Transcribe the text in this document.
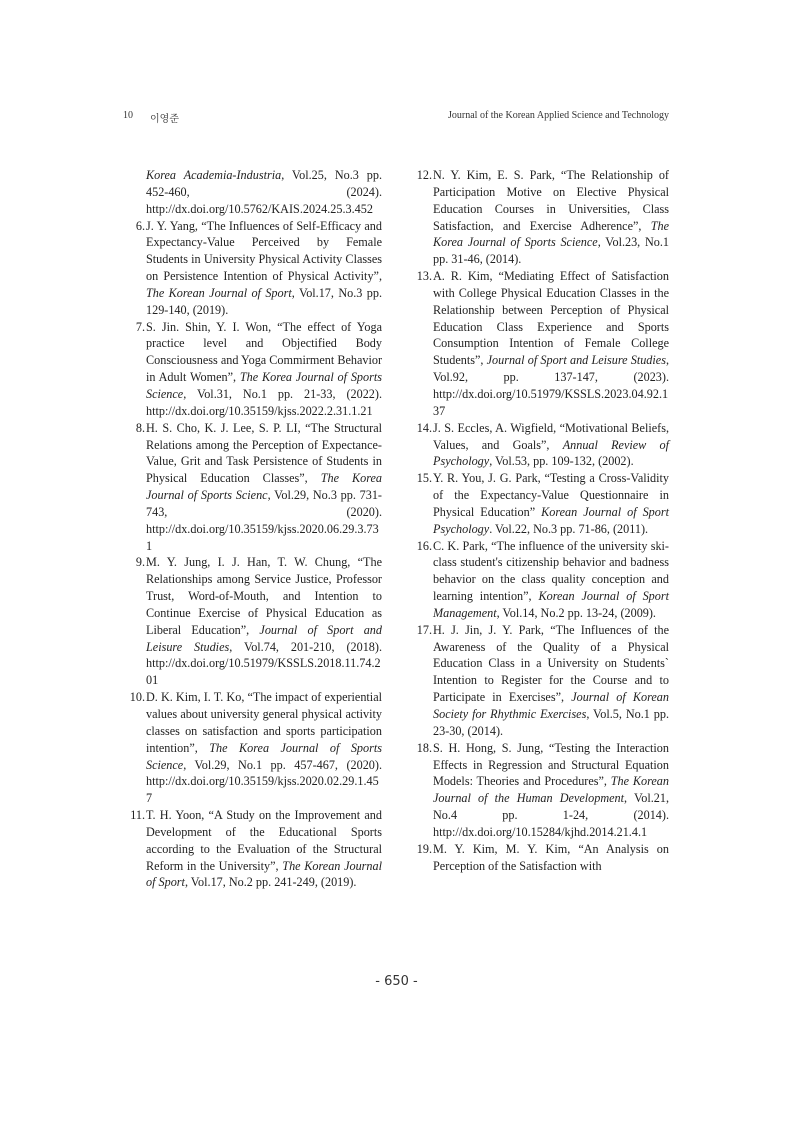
10 이영준	Journal of the Korean Applied Science and Technology
Korea Academia-Industria, Vol.25, No.3 pp. 452-460, (2024). http://dx.doi.org/10.5762/KAIS.2024.25.3.452
6. J. Y. Yang, “The Influences of Self-Efficacy and Expectancy-Value Perceived by Female Students in University Physical Activity Classes on Persistence Intention of Physical Activity”, The Korean Journal of Sport, Vol.17, No.3 pp. 129-140, (2019).
7. S. Jin. Shin, Y. I. Won, “The effect of Yoga practice level and Objectified Body Consciousness and Yoga Commirment Behavior in Adult Women”, The Korea Journal of Sports Science, Vol.31, No.1 pp. 21-33, (2022). http://dx.doi.org/10.35159/kjss.2022.2.31.1.21
8. H. S. Cho, K. J. Lee, S. P. LI, “The Structural Relations among the Perception of Expectance-Value, Grit and Task Persistence of Students in Physical Education Classes”, The Korea Journal of Sports Scienc, Vol.29, No.3 pp. 731-743, (2020). http://dx.doi.org/10.35159/kjss.2020.06.29.3.731
9. M. Y. Jung, I. J. Han, T. W. Chung, “The Relationships among Service Justice, Professor Trust, Word-of-Mouth, and Intention to Continue Exercise of Physical Education as Liberal Education”, Journal of Sport and Leisure Studies, Vol.74, 201-210, (2018). http://dx.doi.org/10.51979/KSSLS.2018.11.74.201
10. D. K. Kim, I. T. Ko, “The impact of experiential values about university general physical activity classes on satisfaction and sports participation intention”, The Korea Journal of Sports Science, Vol.29, No.1 pp. 457-467, (2020). http://dx.doi.org/10.35159/kjss.2020.02.29.1.457
11. T. H. Yoon, “A Study on the Improvement and Development of the Educational Sports according to the Evaluation of the Structural Reform in the University”, The Korean Journal of Sport, Vol.17, No.2 pp. 241-249, (2019).
12. N. Y. Kim, E. S. Park, “The Relationship of Participation Motive on Elective Physical Education Courses in Universities, Class Satisfaction, and Exercise Adherence”, The Korea Journal of Sports Science, Vol.23, No.1 pp. 31-46, (2014).
13. A. R. Kim, “Mediating Effect of Satisfaction with College Physical Education Classes in the Relationship between Perception of Physical Education Class Experience and Sports Consumption Intention of Female College Students”, Journal of Sport and Leisure Studies, Vol.92, pp. 137-147, (2023). http://dx.doi.org/10.51979/KSSLS.2023.04.92.137
14. J. S. Eccles, A. Wigfield, “Motivational Beliefs, Values, and Goals”, Annual Review of Psychology, Vol.53, pp. 109-132, (2002).
15. Y. R. You, J. G. Park, “Testing a Cross-Validity of the Expectancy-Value Questionnaire in Physical Education” Korean Journal of Sport Psychology. Vol.22, No.3 pp. 71-86, (2011).
16. C. K. Park, “The influence of the university ski-class student's citizenship behavior and badness behavior on the class quality conception and learning intention”, Korean Journal of Sport Management, Vol.14, No.2 pp. 13-24, (2009).
17. H. J. Jin, J. Y. Park, “The Influences of the Awareness of the Quality of a Physical Education Class in a University on Students` Intention to Register for the Course and to Participate in Exercises”, Journal of Korean Society for Rhythmic Exercises, Vol.5, No.1 pp. 23-30, (2014).
18. S. H. Hong, S. Jung, “Testing the Interaction Effects in Regression and Structural Equation Models: Theories and Procedures”, The Korean Journal of the Human Development, Vol.21, No.4 pp. 1-24, (2014). http://dx.doi.org/10.15284/kjhd.2014.21.4.1
19. M. Y. Kim, M. Y. Kim, “An Analysis on Perception of the Satisfaction with
- 650 -
